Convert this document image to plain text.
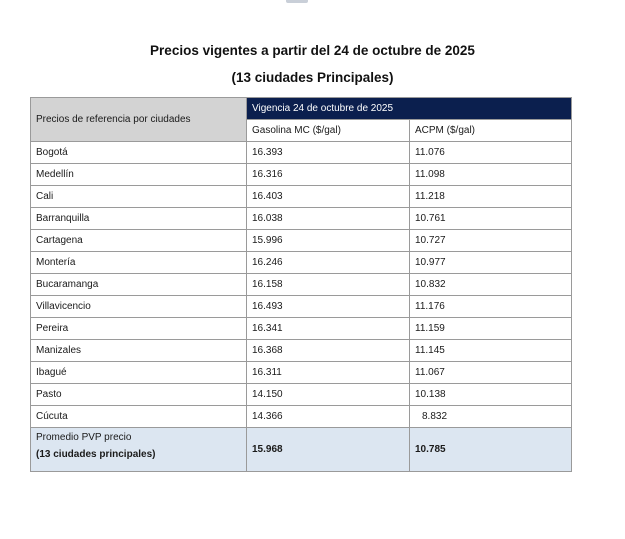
Precios vigentes a partir del 24 de octubre de 2025
(13 ciudades Principales)
Precios de referencia por ciudades	Vigencia 24 de octubre de 2025	
	Gasolina MC ($/gal)	ACPM ($/gal)
Bogotá	16.393	11.076
Medellín	16.316	11.098
Cali	16.403	11.218
Barranquilla	16.038	10.761
Cartagena	15.996	10.727
Montería	16.246	10.977
Bucaramanga	16.158	10.832
Villavicencio	16.493	11.176
Pereira	16.341	11.159
Manizales	16.368	11.145
Ibagué	16.311	11.067
Pasto	14.150	10.138
Cúcuta	14.366	8.832

Promedio PVP precio
(13 ciudades principales)	15.968	10.785
